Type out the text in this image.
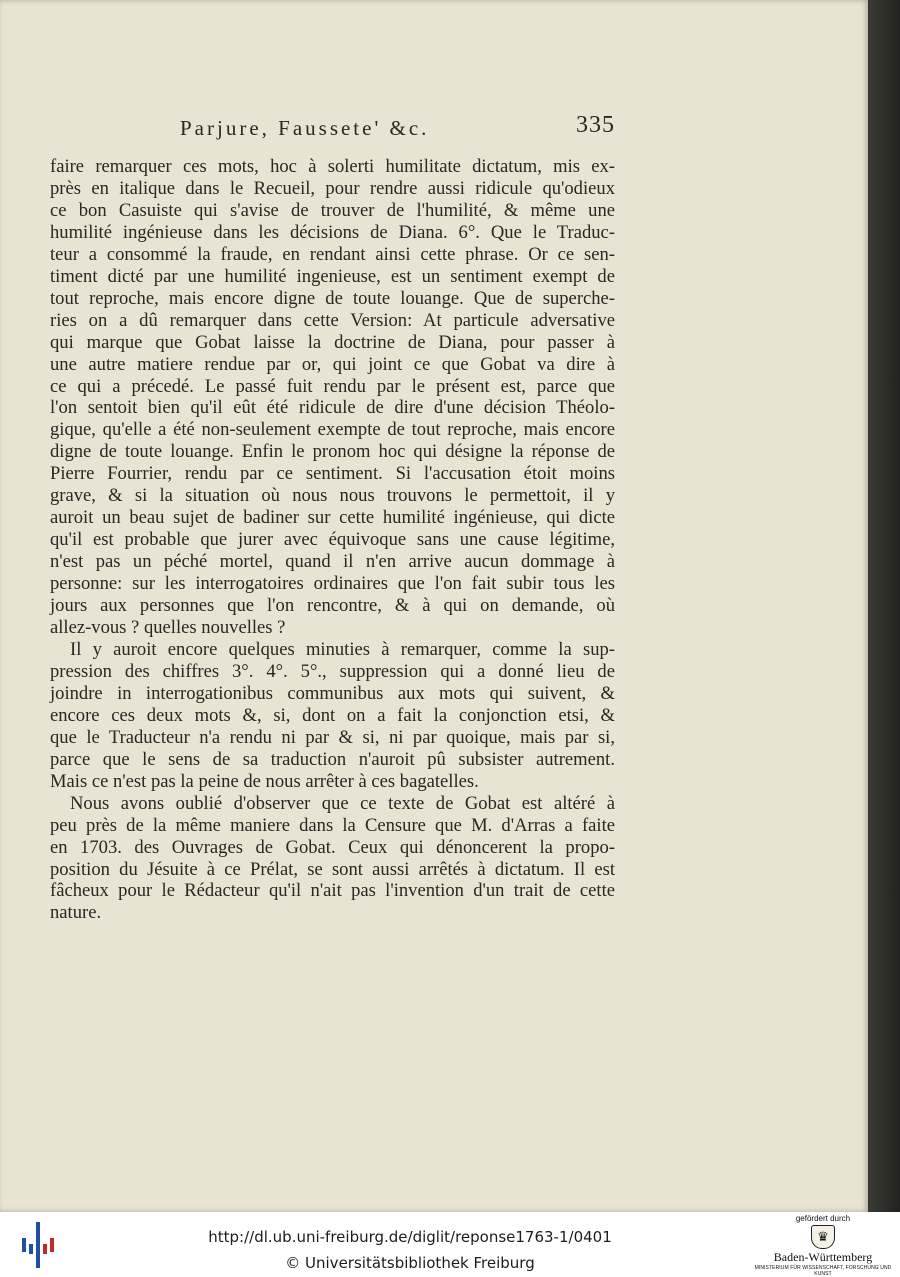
Parjure, Faussete' &c.	335
faire remarquer ces mots, hoc à solerti humilitate dictatum, mis ex-
près en italique dans le Recueil, pour rendre aussi ridicule qu'odieux
ce bon Casuiste qui s'avise de trouver de l'humilité, & même une
humilité ingénieuse dans les décisions de Diana. 6°. Que le Traduc-
teur a consommé la fraude, en rendant ainsi cette phrase. Or ce sen-
timent dicté par une humilité ingenieuse, est un sentiment exempt de
tout reproche, mais encore digne de toute louange. Que de superche-
ries on a dû remarquer dans cette Version: At particule adversative
qui marque que Gobat laisse la doctrine de Diana, pour passer à
une autre matiere rendue par or, qui joint ce que Gobat va dire à
ce qui a précedé. Le passé fuit rendu par le présent est, parce que
l'on sentoit bien qu'il eût été ridicule de dire d'une décision Théolo-
gique, qu'elle a été non-seulement exempte de tout reproche, mais encore
digne de toute louange. Enfin le pronom hoc qui désigne la réponse de
Pierre Fourrier, rendu par ce sentiment. Si l'accusation étoit moins
grave, & si la situation où nous nous trouvons le permettoit, il y
auroit un beau sujet de badiner sur cette humilité ingénieuse, qui dicte
qu'il est probable que jurer avec équivoque sans une cause légitime,
n'est pas un péché mortel, quand il n'en arrive aucun dommage à
personne: sur les interrogatoires ordinaires que l'on fait subir tous les
jours aux personnes que l'on rencontre, & à qui on demande, où
allez-vous ? quelles nouvelles ?
Il y auroit encore quelques minuties à remarquer, comme la sup-
pression des chiffres 3°. 4°. 5°., suppression qui a donné lieu de
joindre in interrogationibus communibus aux mots qui suivent, &
encore ces deux mots &, si, dont on a fait la conjonction etsi, &
que le Traducteur n'a rendu ni par & si, ni par quoique, mais par si,
parce que le sens de sa traduction n'auroit pû subsister autrement.
Mais ce n'est pas la peine de nous arrêter à ces bagatelles.
Nous avons oublié d'observer que ce texte de Gobat est altéré à
peu près de la même maniere dans la Censure que M. d'Arras a faite
en 1703. des Ouvrages de Gobat. Ceux qui dénoncerent la propo-
position du Jésuite à ce Prélat, se sont aussi arrêtés à dictatum. Il est
fâcheux pour le Rédacteur qu'il n'ait pas l'invention d'un trait de cette
nature.
http://dl.ub.uni-freiburg.de/diglit/reponse1763-1/0401
© Universitätsbibliothek Freiburg
gefördert durch
♛
Baden-Württemberg
MINISTERIUM FÜR WISSENSCHAFT, FORSCHUNG UND KUNST
